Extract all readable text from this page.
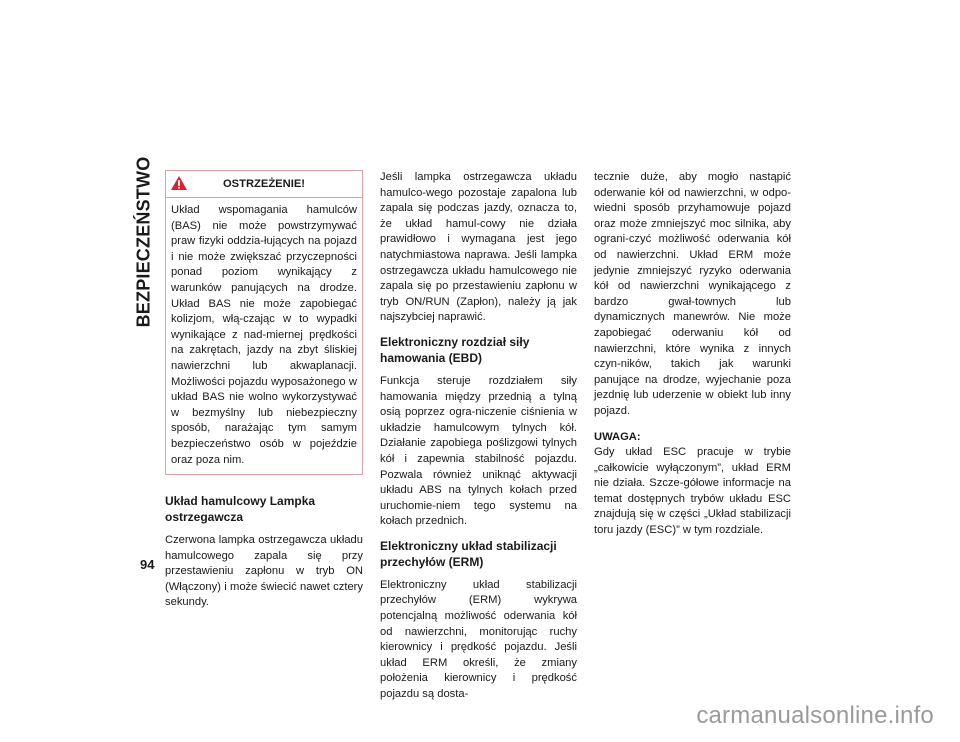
BEZPIECZEŃSTWO
94
OSTRZEŻENIE!
Układ wspomagania hamulców (BAS) nie może powstrzymywać praw fizyki oddzia-łujących na pojazd i nie może zwiększać przyczepności ponad poziom wynikający z warunków panujących na drodze. Układ BAS nie może zapobiegać kolizjom, włą-czając w to wypadki wynikające z nad-miernej prędkości na zakrętach, jazdy na zbyt śliskiej nawierzchni lub akwaplanacji. Możliwości pojazdu wyposażonego w układ BAS nie wolno wykorzystywać w bezmyślny lub niebezpieczny sposób, narażając tym samym bezpieczeństwo osób w pojeździe oraz poza nim.
Układ hamulcowy Lampka ostrzegawcza

Czerwona lampka ostrzegawcza układu hamulcowego zapala się przy przestawieniu zapłonu w tryb ON (Włączony) i może świecić nawet cztery sekundy.

Jeśli lampka ostrzegawcza układu hamulco-wego pozostaje zapalona lub zapala się podczas jazdy, oznacza to, że układ hamul-cowy nie działa prawidłowo i wymagana jest jego natychmiastowa naprawa. Jeśli lampka ostrzegawcza układu hamulcowego nie zapala się po przestawieniu zapłonu w tryb ON/RUN (Zapłon), należy ją jak najszybciej naprawić.

Elektroniczny rozdział siły hamowania (EBD)

Funkcja steruje rozdziałem siły hamowania między przednią a tylną osią poprzez ogra-niczenie ciśnienia w układzie hamulcowym tylnych kół. Działanie zapobiega poślizgowi tylnych kół i zapewnia stabilność pojazdu. Pozwala również uniknąć aktywacji układu ABS na tylnych kołach przed uruchomie-niem tego systemu na kołach przednich.

Elektroniczny układ stabilizacji przechyłów (ERM)

Elektroniczny układ stabilizacji przechyłów (ERM) wykrywa potencjalną możliwość oderwania kół od nawierzchni, monitorując ruchy kierownicy i prędkość pojazdu. Jeśli układ ERM określi, że zmiany położenia kierownicy i prędkość pojazdu są dosta-

tecznie duże, aby mogło nastąpić oderwanie kół od nawierzchni, w odpo-wiedni sposób przyhamowuje pojazd oraz może zmniejszyć moc silnika, aby ograni-czyć możliwość oderwania kół od nawierzchni. Układ ERM może jedynie zmniejszyć ryzyko oderwania kół od nawierzchni wynikającego z bardzo gwał-townych lub dynamicznych manewrów. Nie może zapobiegać oderwaniu kół od nawierzchni, które wynika z innych czyn-ników, takich jak warunki panujące na drodze, wyjechanie poza jezdnię lub uderzenie w obiekt lub inny pojazd.

UWAGA:

Gdy układ ESC pracuje w trybie „całkowicie wyłączonym”, układ ERM nie działa. Szcze-gółowe informacje na temat dostępnych trybów układu ESC znajdują się w części „Układ stabilizacji toru jazdy (ESC)” w tym rozdziale.

carmanualsonline.info
